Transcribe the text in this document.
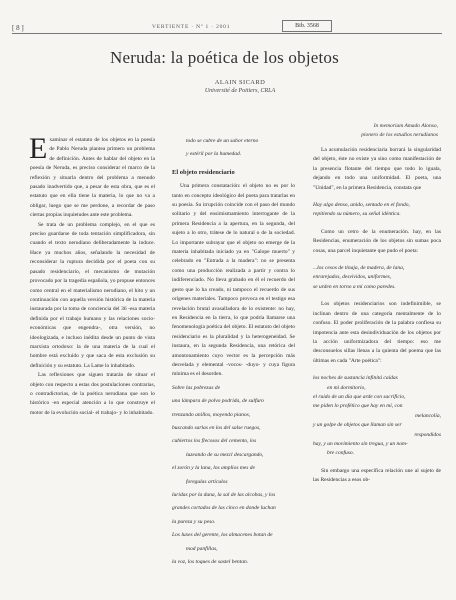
[ 8 ]	VERTIENTE · Nº 1 · 2001	Bib. 3568
Neruda: la poética de los objetos
ALAIN SICARD
Université de Poitiers, CRLA
In memoriam Amado Alonso,
pionero de los estudios nerudianos

Examinar el estatuto de los objetos en la poesía de Pablo Neruda plantea primero un problema de definición. Antes de hablar del objeto en la poesía de Neruda, es preciso considerar el marco de la reflexión y situarla dentro del problema a menudo pasado inadvertido que, a pesar de esta obra, que es el estatuto que en ella tiene la materia, lo que no va a obligar, luego que se me perdone, a recordar de paso ciertas propias inquietudes ante este problema.

Se trata de un problema complejo, en el que es preciso guardarse de toda tentación simplificadora, sin cuando el texto nerudiano deliberadamente la induce. Hace ya muchos años, señalando la necesidad de reconsiderar la ruptura decidida por el poeta con su pasado residenciario, el mecanismo de mutación provocado por la tragedia española, yo propuse entonces como central en el materialismo nerudiano, el hito y un continuación con aquella versión histórica de la materia instaurada por la toma de conciencia del 36 -esa materia definida por el trabajo humano y las relaciones socio-económicas que engendra-, otra versión, no ideologizada, e incluso inédita desde un punto de vista marxista ortodoxo: la de una materia de la cual el hombre está excluido y que saca de esta exclusión su definición y su estatuto. La Lame lo inhabitado.

Las reflexiones que siguen tratarán de situar el objeto con respecto a estas dos postulaciones contrarias, o contradictorias, de la poética nerudiana que son lo histórico -en especial atención a lo que construye el motor de la evolución social- el trabajo- y lo inhabitado.

todo se cubre de un sabor eterno

y estéril por la humedad.

El objeto residenciario

Una primera constatación: el objeto no es por lo tanto en concepto ideológico del poeta para tratarlas en su poesía. Su irrupción coincide con el paso del mundo solitario y del ensimismamiento interrogante de la primera Residencia a la apertura, en la segunda, del sujeto a lo otro, trátese de lo natural o de la sociedad. Lo importante subrayar que el objeto no emerge de la materia inhabitada iniciado ya en "Galope muerto" y celebrado en "Entrada a la madera": no se presenta como una producción realizada a partir y contra lo indiferenciado. No lleva grabado en él el recuerdo del gesto que lo ha creado, ni tampoco el recuerdo de sus orígenes materiales. Tampoco provoca en el testigo esa revelación brutal avasalladora de lo existente: no hay, en Residencia en la tierra, lo que podría llamarse una fenomenología poética del objeto. El estatuto del objeto residenciario es la pluralidad y la heterogeneidad. Se instaura, en la segunda Residencia, una retórica del amontonamiento cuyo vector es la percepción más desvelada y elemental -vocos- -duyo- y cuya figura mínima es el desorden.

Sobre las pobrezas de

una lámpara de polvo podrida, de sulfuro

trenzando anillos, moyendo pianos,

buscando sarlas en los del salse ruegos,

cubiertos los flecosos del cemento, los

luzeando de su mezcl descargando,

el zorón y la lana, los amplios mes de

foregulas artículos

luridas por la duna, la sal de las alcobas, y los

grandes cortados de las cinco en donde luchan

la pureza y su peso.

Los luxes del gerente, los almacenes botan de

mod panfillas,

la voz, los toques de sastel bentan.

La acumulación residenciaria borrará la singularidad del objeto, éste no existe ya sino como manifestación de la presencia flotante del tiempo que todo lo iguala, dejando en todo una uniformidad. El poeta, una "Unidad", en la primera Residencia, constata que

Hay algo denso, unido, sentado en el fondo,

repitiendo su número, su señal idéntica.

Como un cetro de la enumeración. hay, en las Residencias, enumeración de los objetos sin sumas poca cosas, una parcel inquietante que pudo el poeta:

...los cesos de tinaja, de madera, de lana,

enrarejados, desvividos, uniformes,

se urden en torno a mí como paredes.

Los objetos residenciarios son indefinimible, se inclinan dentro de una categoría mentalmente de lo confuso. El poder proliferación de la palabra confiesa su impotencia ante esta desindividuación de los objetos por la acción uniformizadora del tiempo: eso me desconsuelos sillas llenas a la quienta del poema que las últimas en cada "Arte poética":

los noches de sustancia infinitá caídas

en mi dormitorio,

el ruido de un día que arde con sacrificio,

me piden lo profético que hay en mí, con

melancolía,

y un golpe de objetos que llaman sin ser

respondidos

hay, y un movimiento sin tregua, y un nom-

bre confuso.

Sin embargo una específica relación une al sujeto de las Residencias a esos ob-
